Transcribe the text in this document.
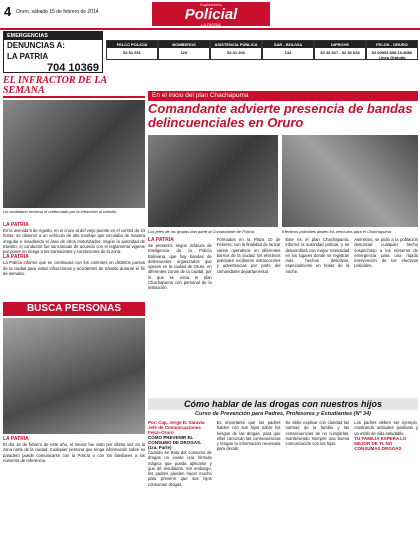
4 Oruro, sábado 15 de febrero de 2014
Suplemento
Policial
LA PATRIA
EMERGENCIAS
DENUNCIAS A:
LA PATRIA
704 10369
FELCC POLICÍA
52 51 921
BOMBEROS
119
ASISTENCIA PÚBLICA
52 51 404
SAR - BOLIVIA
132
DIPROVE
52 36 627 - 52 36 628
FELCN - ORURO
52 60993 800-10-8080 Línea Gratuita
EL INFRACTOR DE LA SEMANA
Un ciudadano reclama el uniformado por la infracción al tránsito.
LA PATRIA

En la avenida 6 de Agosto, en el cruce al del viejo puente en el control de 24 horas, se observó a un vehículo de alto tonelaje que circulaba de manera irregular e invadiendo el área de otros motorizados. Según la autoridad de tránsito, el conductor fue sancionado de acuerdo con el reglamento vigente por poner en riesgo a los transeúntes y conductores de la zona.

LA PATRIA

La Policía informó que se continuará con los controles en distintos puntos de la ciudad para evitar infracciones y accidentes de tránsito durante el fin de semana.

BUSCA PERSONAS
LA PATRIA

El día 15 de febrero de este año, el menor fue visto por última vez en la zona norte de la ciudad. Cualquier persona que tenga información sobre su paradero puede comunicarse con la Policía o con los familiares a los números de referencia.

En el inicio del plan Chachapuma
Comandante advierte presencia de bandas delincuenciales en Oruro
Los jefes de los grupos dan parte al Comandante de Policía	Efectivos policiales alisten los vehículos para el Chachapuma
LA PATRIA

Se presentó, según Jefatura de Inteligencia de la Policía Boliviana, que hay bandas de delincuentes organizados que operan en la ciudad de Oruro, en diferentes zonas de la capital, por lo que se inicia el plan Chachapuma con personal de la institución.

Formados en la Plaza 10 de Febrero, con la finalidad de lanzar varios operativos en diferentes barrios de la ciudad, los efectivos policiales recibieron instrucciones y advertencias por parte del comandante departamental.

Este es el plan Chachapuma, informó la autoridad policial, y se desarrollará con mayor intensidad en los lugares donde se registran más hechos delictivos, especialmente en horas de la noche.

Asimismo, se pidió a la población denunciar cualquier hecho sospechoso a los números de emergencia para una rápida intervención de los efectivos policiales.

Cómo hablar de las drogas con nuestros hijos
Curso de Prevención para Padres, Profesores y Estudiantes (Nº 34)
Por: Cap. Jorge D. Saravia Jefe de Comunicaciones Felcn-Oruro
CÓMO PREVENIR EL CONSUMO DE DROGAS. (1ra. Parte)

Cuando se trata del consumo de drogas no existe una fórmula mágica que pueda aplicarse y que dé resultados. Sin embargo, los padres pueden hacer mucho para prevenir que sus hijos consuman drogas.

Es importante que los padres hablen con sus hijos sobre los riesgos de las drogas, para que ellos conozcan las consecuencias y tengan la información necesaria para decidir.

Se debe explicar con claridad las normas de la familia y las consecuencias de no cumplirlas, manteniendo siempre una buena comunicación con los hijos.

Los padres deben ser ejemplo, mostrando actitudes positivas y un estilo de vida saludable.

TU FAMILIA ESPERA LO MEJOR DE TI. NO CONSUMAS DROGAS
